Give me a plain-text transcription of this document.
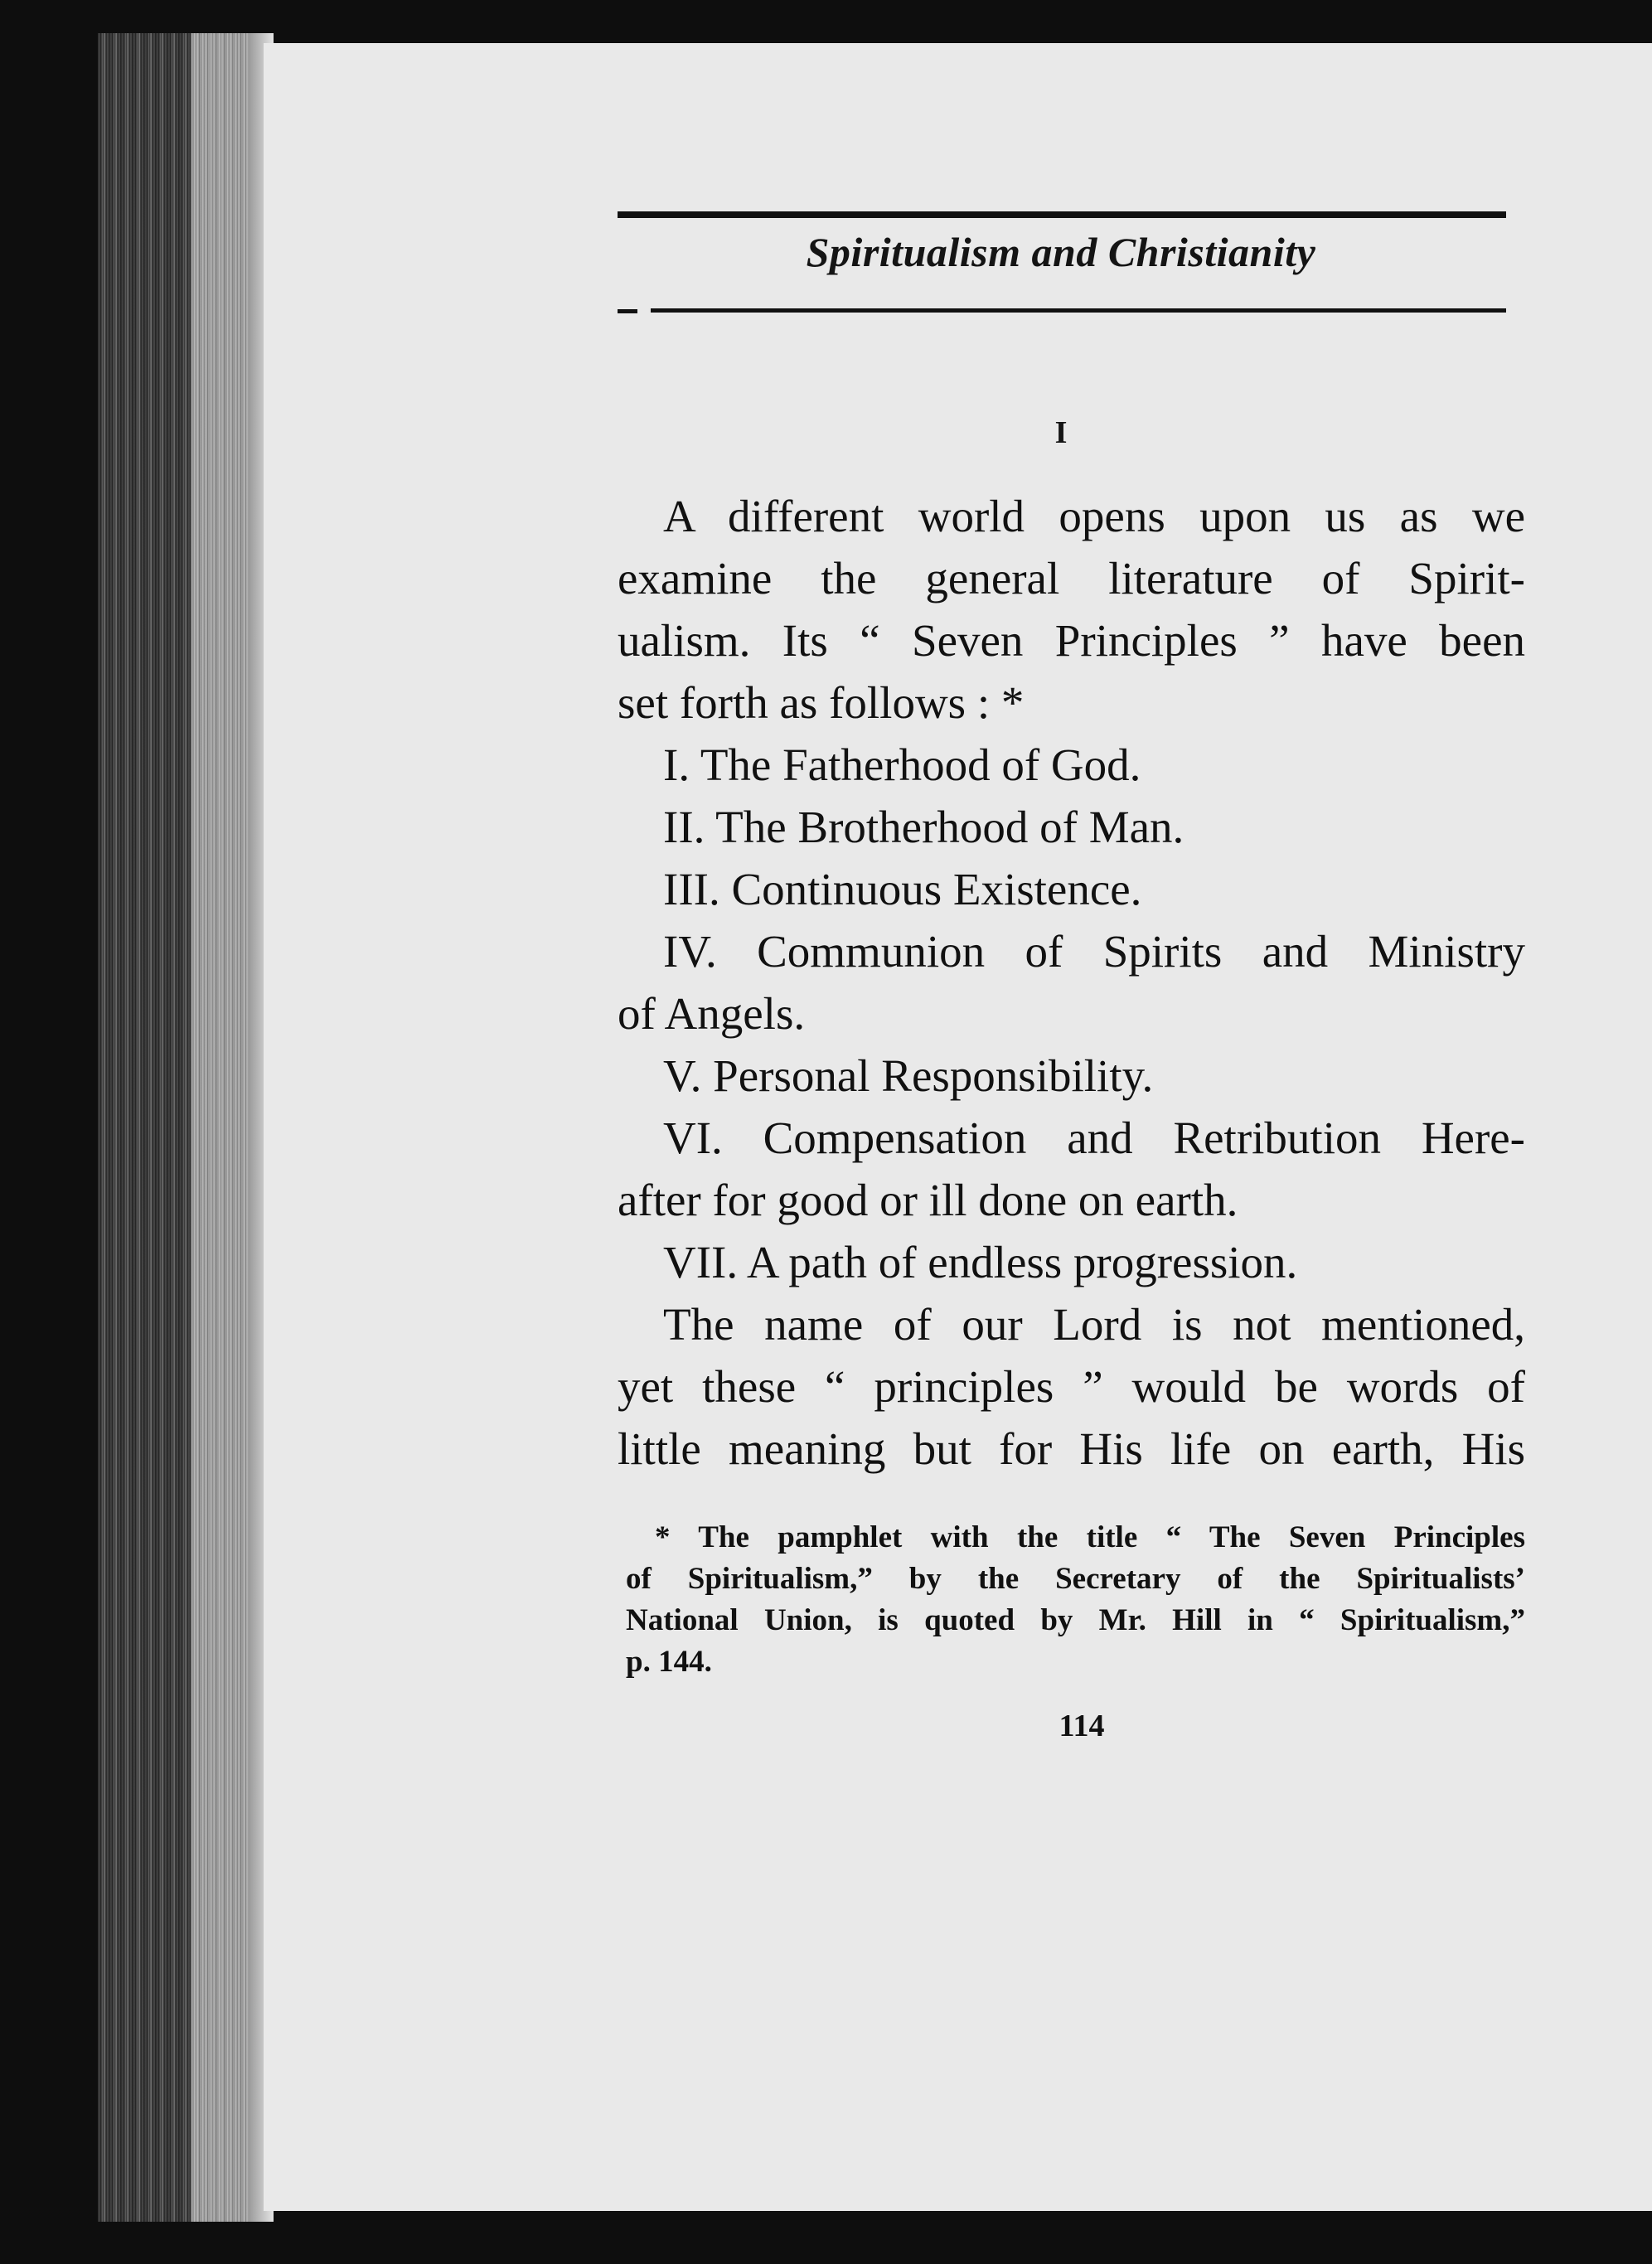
Spiritualism and Christianity
I
A different world opens upon us as we
examine the general literature of Spirit-
ualism. Its “ Seven Principles ” have been
set forth as follows : *
I. The Fatherhood of God.
II. The Brotherhood of Man.
III. Continuous Existence.
IV. Communion of Spirits and Ministry
of Angels.
V. Personal Responsibility.
VI. Compensation and Retribution Here-
after for good or ill done on earth.
VII. A path of endless progression.
The name of our Lord is not mentioned,
yet these “ principles ” would be words of
little meaning but for His life on earth, His
* The pamphlet with the title “ The Seven Principles
of Spiritualism,” by the Secretary of the Spiritualists’
National Union, is quoted by Mr. Hill in “ Spiritualism,”
p. 144.
114
